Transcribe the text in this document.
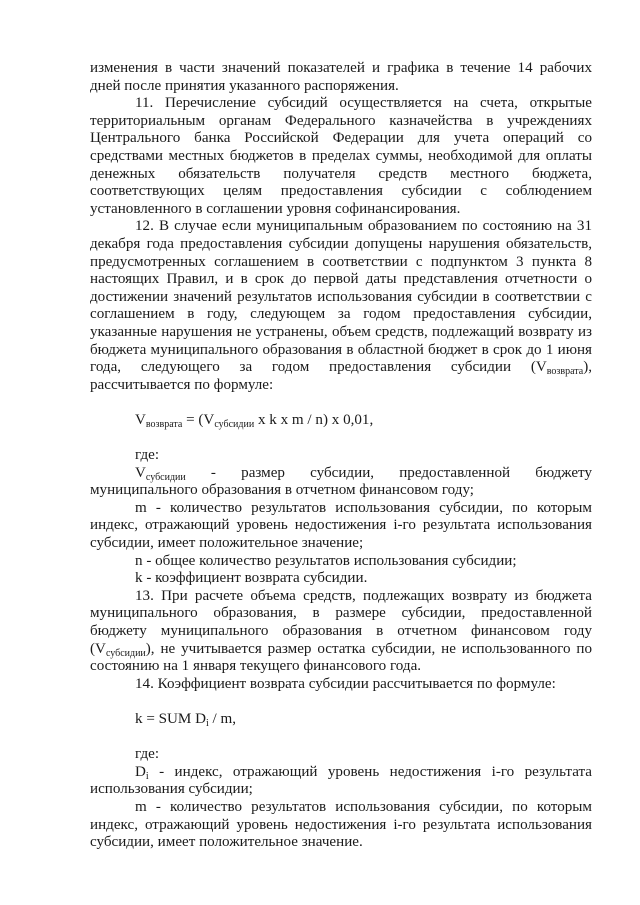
изменения в части значений показателей и графика в течение 14 рабочих дней после принятия указанного распоряжения.

11. Перечисление субсидий осуществляется на счета, открытые территориальным органам Федерального казначейства в учреждениях Центрального банка Российской Федерации для учета операций со средствами местных бюджетов в пределах суммы, необходимой для оплаты денежных обязательств получателя средств местного бюджета, соответствующих целям предоставления субсидии с соблюдением установленного в соглашении уровня софинансирования.

12. В случае если муниципальным образованием по состоянию на 31 декабря года предоставления субсидии допущены нарушения обязательств, предусмотренных соглашением в соответствии с подпунктом 3 пункта 8 настоящих Правил, и в срок до первой даты представления отчетности о достижении значений результатов использования субсидии в соответствии с соглашением в году, следующем за годом предоставления субсидии, указанные нарушения не устранены, объем средств, подлежащий возврату из бюджета муниципального образования в областной бюджет в срок до 1 июня года, следующего за годом предоставления субсидии $(V_{возврата})$, рассчитывается по формуле:

$V_{возврата} = (V_{субсидии}$ x k x m / n) x 0,01,

где:

$V_{субсидии}$ - размер субсидии, предоставленной бюджету муниципального образования в отчетном финансовом году;

m - количество результатов использования субсидии, по которым индекс, отражающий уровень недостижения i-го результата использования субсидии, имеет положительное значение;

n - общее количество результатов использования субсидии;

k - коэффициент возврата субсидии.

13. При расчете объема средств, подлежащих возврату из бюджета муниципального образования, в размере субсидии, предоставленной бюджету муниципального образования в отчетном финансовом году $(V_{субсидии})$, не учитывается размер остатка субсидии, не использованного по состоянию на 1 января текущего финансового года.

14. Коэффициент возврата субсидии рассчитывается по формуле:

k = SUM $D_i$ / m,

где:

$D_i$ - индекс, отражающий уровень недостижения i-го результата использования субсидии;

m - количество результатов использования субсидии, по которым индекс, отражающий уровень недостижения i-го результата использования субсидии, имеет положительное значение.
